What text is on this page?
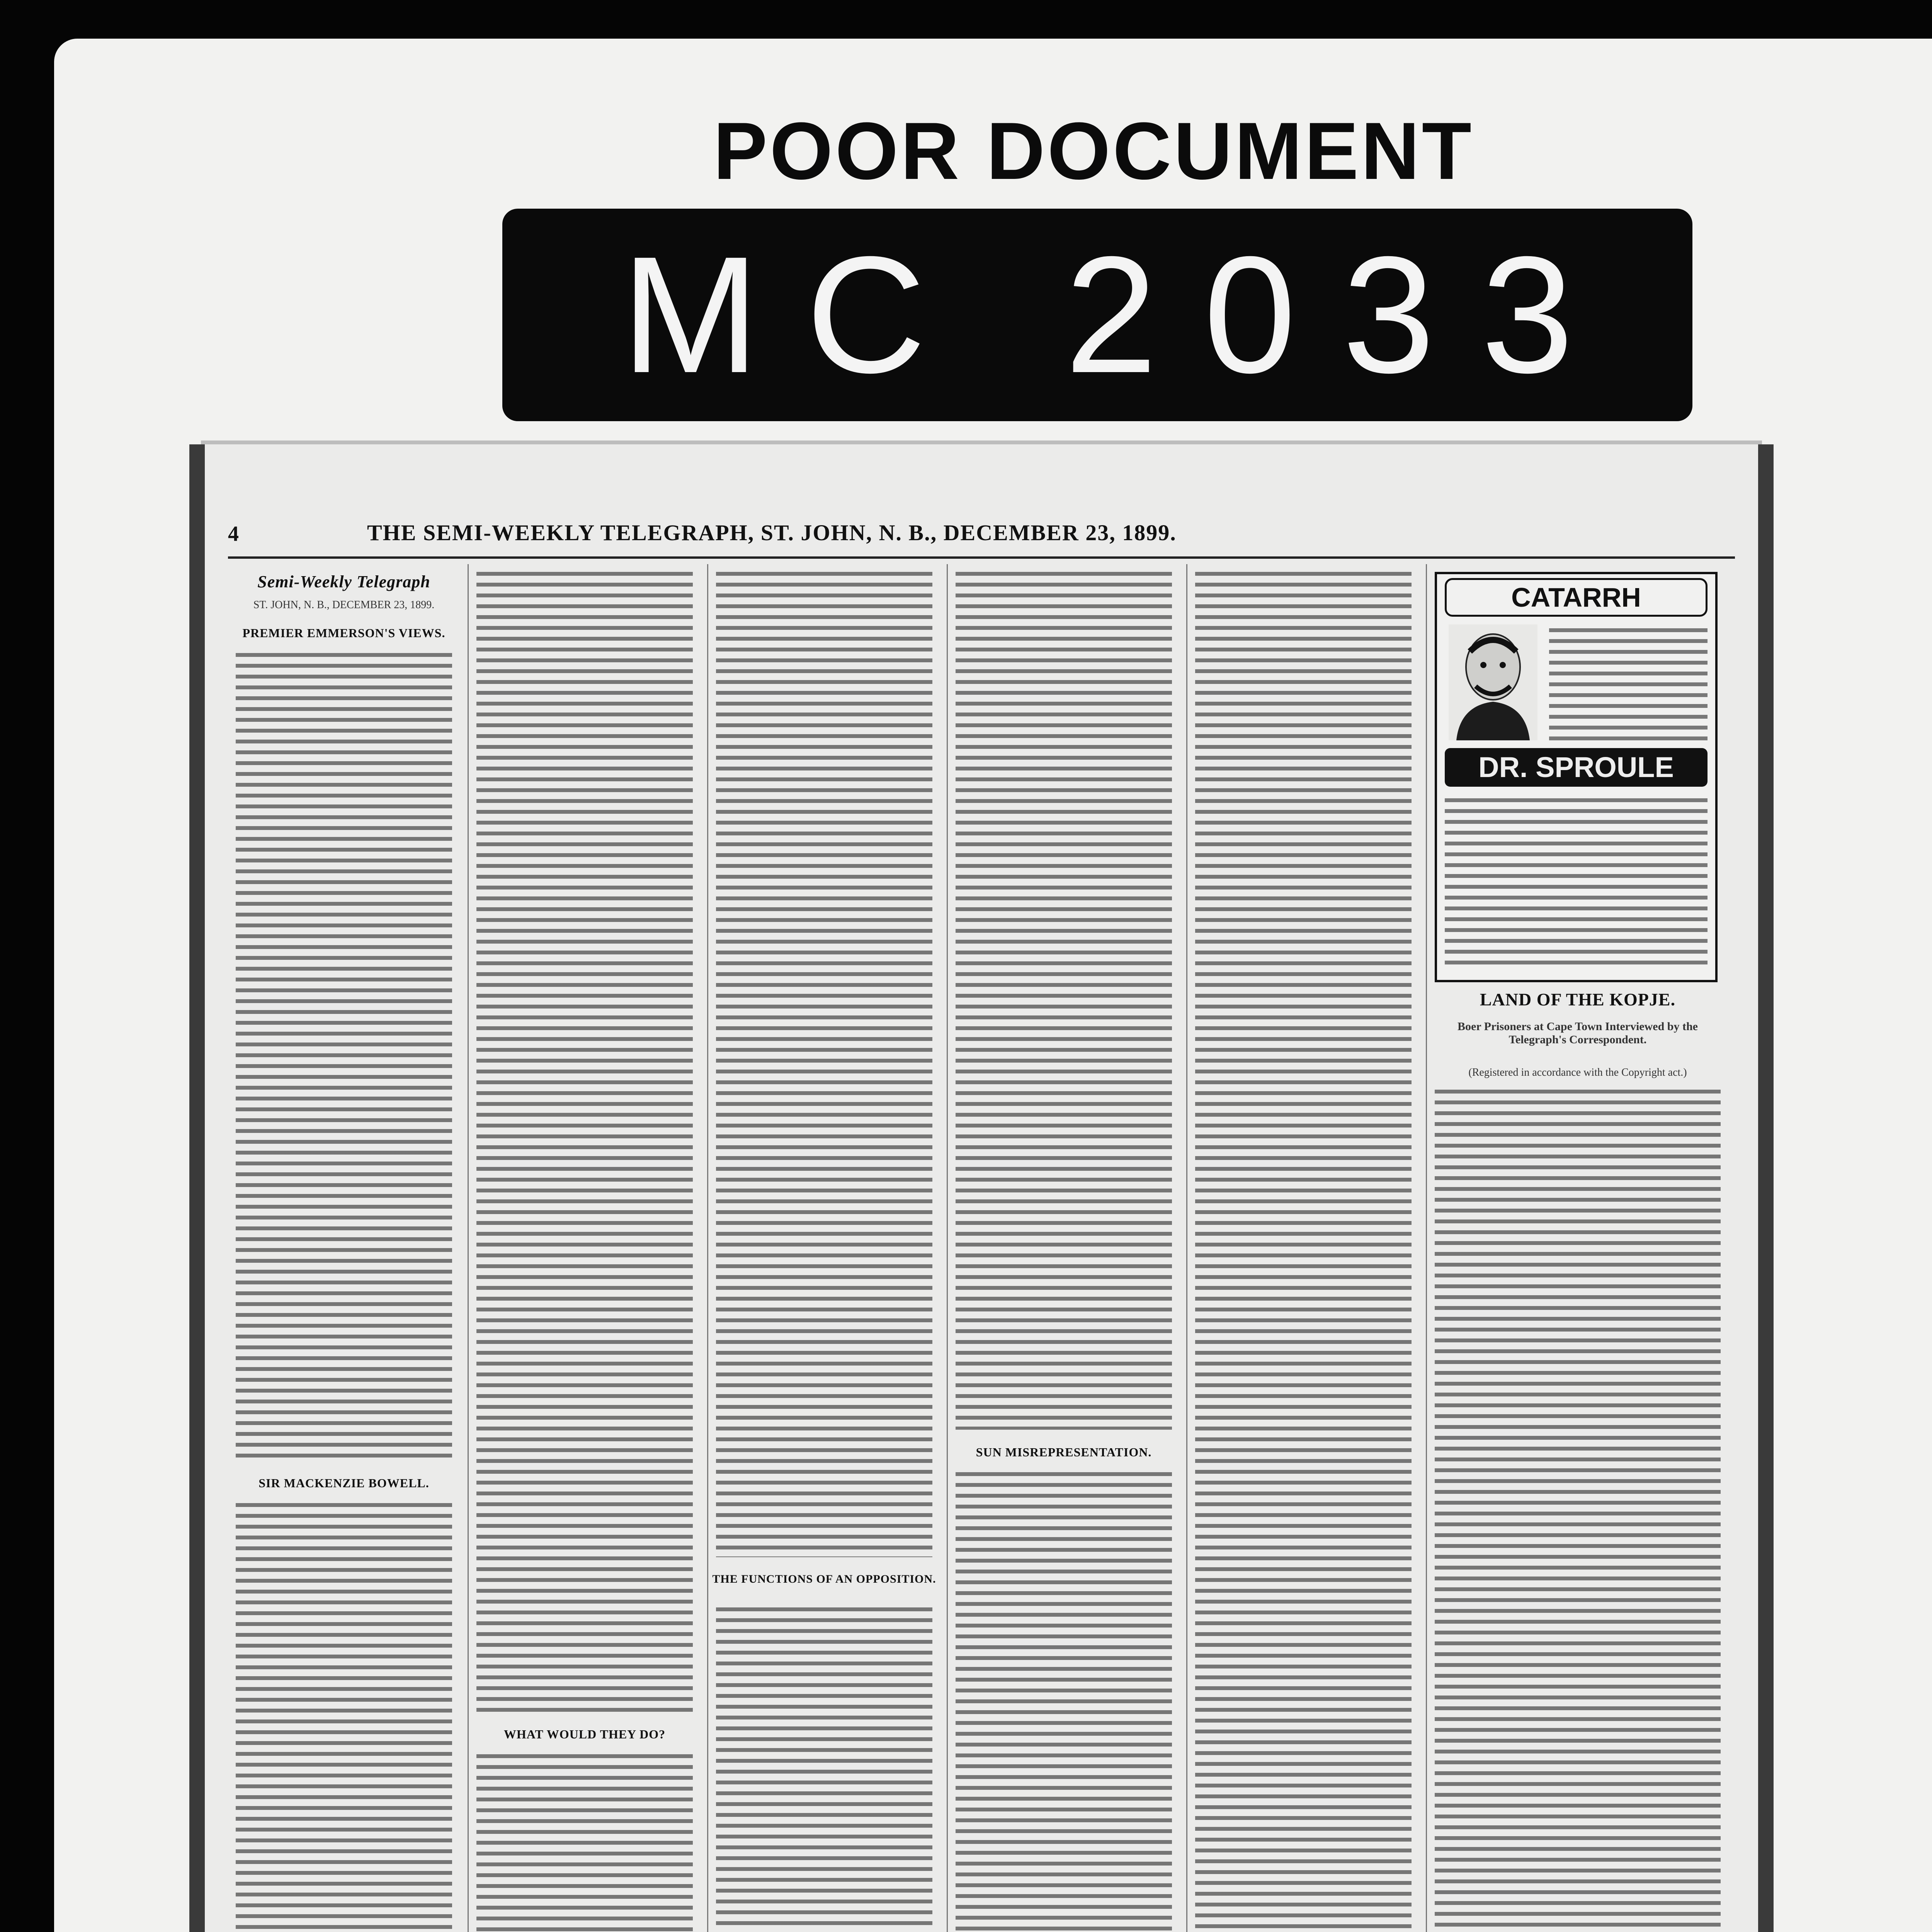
POOR DOCUMENT
MC 2033
4	THE SEMI-WEEKLY TELEGRAPH, ST. JOHN, N. B., DECEMBER 23, 1899.
Semi-Weekly Telegraph
ST. JOHN, N. B., DECEMBER 23, 1899.
PREMIER EMMERSON'S VIEWS.
SIR MACKENZIE BOWELL.
WHAT WOULD THEY DO?
THE FUNCTIONS OF AN OPPOSITION.
SUN MISREPRESENTATION.
CATARRH
DR. SPROULE
LAND OF THE KOPJE.
Boer Prisoners at Cape Town Interviewed by the Telegraph's Correspondent.
(Registered in accordance with the Copyright act.)
